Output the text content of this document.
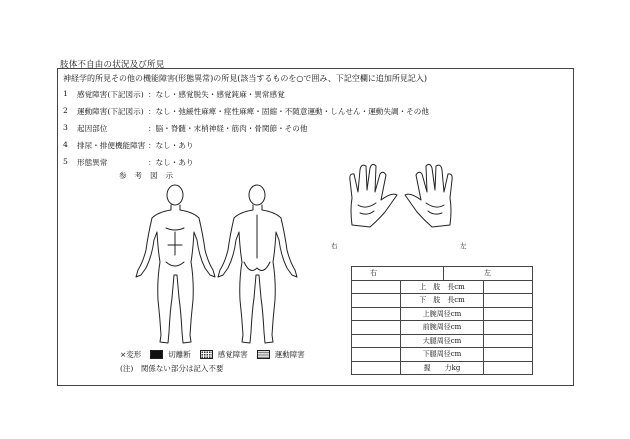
肢体不自由の状況及び所見
神経学的所見その他の機能障害(形態異常)の所見(該当するものを○で囲み、下記空欄に追加所見記入)
1	感覚障害(下記図示) ：なし・感覚脱失・感覚鈍麻・異常感覚
2	運動障害(下記図示) ：なし・弛緩性麻痺・痙性麻痺・固縮・不随意運動・しんせん・運動失調・その他
3	起因部位	：脳・脊髄・末梢神経・筋肉・骨関節・その他
4	排尿・排便機能障害 ：なし・あり
5	形態異常	：なし・あり
参考図示
右	左
×変形	切離断	感覚障害	運動障害
(注)　関係ない部分は記入不要
右		左	
	上　肢　長cm		
	下　肢　長cm		
	上腕周径cm		
	前腕周径cm		
	大腿周径cm		
	下腿周径cm		
	握　　力kg		
